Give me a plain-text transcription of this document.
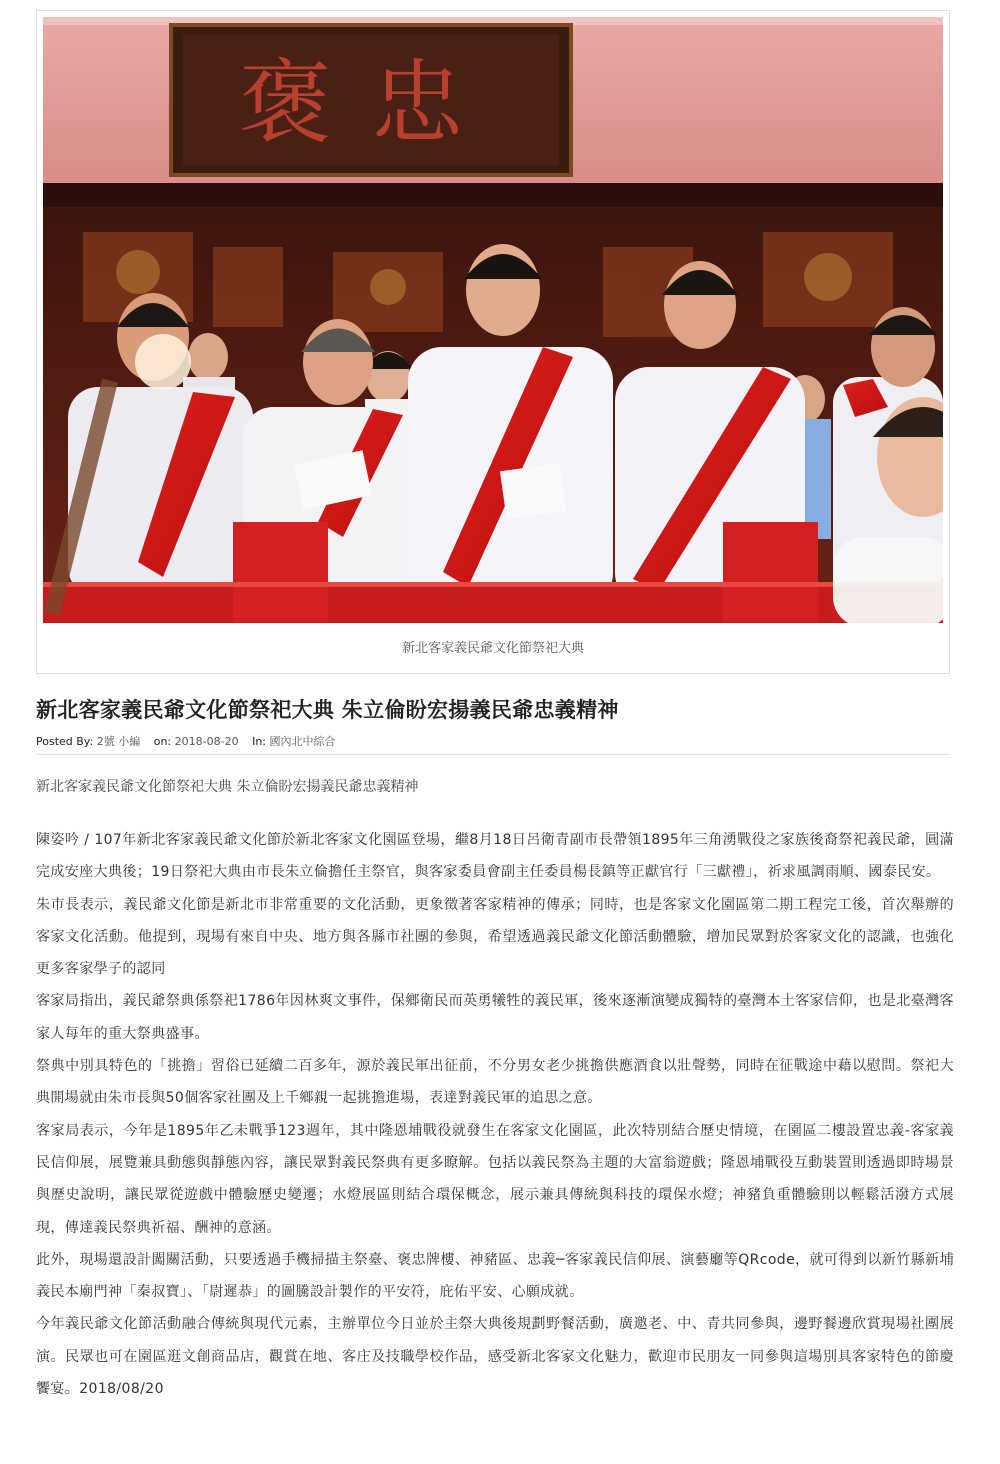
褒忠
新北客家義民爺文化節祭祀大典
新北客家義民爺文化節祭祀大典 朱立倫盼宏揚義民爺忠義精神
Posted By: 2號 小編 on: 2018-08-20 In: 國內北中綜合

新北客家義民爺文化節祭祀大典 朱立倫盼宏揚義民爺忠義精神

陳姿吟 / 107年新北客家義民爺文化節於新北客家文化園區登場，繼8月18日呂衛青副市長帶領1895年三角湧戰役之家族後裔祭祀義民爺，圓滿完成安座大典後；19日祭祀大典由市長朱立倫擔任主祭官，與客家委員會副主任委員楊長鎮等正獻官行「三獻禮」，祈求風調雨順、國泰民安。

朱市長表示，義民爺文化節是新北市非常重要的文化活動，更象徵著客家精神的傳承；同時，也是客家文化園區第二期工程完工後，首次舉辦的客家文化活動。他提到，現場有來自中央、地方與各縣市社團的參與，希望透過義民爺文化節活動體驗，增加民眾對於客家文化的認識，也強化更多客家學子的認同

客家局指出，義民爺祭典係祭祀1786年因林爽文事件，保鄉衛民而英勇犧牲的義民軍，後來逐漸演變成獨特的臺灣本土客家信仰，也是北臺灣客家人每年的重大祭典盛事。

祭典中別具特色的「挑擔」習俗已延續二百多年，源於義民軍出征前，不分男女老少挑擔供應酒食以壯聲勢，同時在征戰途中藉以慰問。祭祀大典開場就由朱市長與50個客家社團及上千鄉親一起挑擔進場，表達對義民軍的追思之意。

客家局表示，今年是1895年乙未戰爭123週年，其中隆恩埔戰役就發生在客家文化園區，此次特別結合歷史情境，在園區二樓設置忠義-客家義民信仰展，展覽兼具動態與靜態內容，讓民眾對義民祭典有更多瞭解。包括以義民祭為主題的大富翁遊戲；隆恩埔戰役互動裝置則透過即時場景與歷史說明，讓民眾從遊戲中體驗歷史變遷；水燈展區則結合環保概念，展示兼具傳統與科技的環保水燈；神豬負重體驗則以輕鬆活潑方式展現，傳達義民祭典祈福、酬神的意涵。

此外，現場還設計闖關活動，只要透過手機掃描主祭臺、褒忠牌樓、神豬區、忠義─客家義民信仰展、演藝廳等QRcode，就可得到以新竹縣新埔義民本廟門神「秦叔寶」、「尉遲恭」的圖騰設計製作的平安符，庇佑平安、心願成就。

今年義民爺文化節活動融合傳統與現代元素，主辦單位今日並於主祭大典後規劃野餐活動，廣邀老、中、青共同參與，邊野餐邊欣賞現場社團展演。民眾也可在園區逛文創商品店，觀賞在地、客庄及技職學校作品，感受新北客家文化魅力，歡迎市民朋友一同參與這場別具客家特色的節慶饗宴。2018/08/20
